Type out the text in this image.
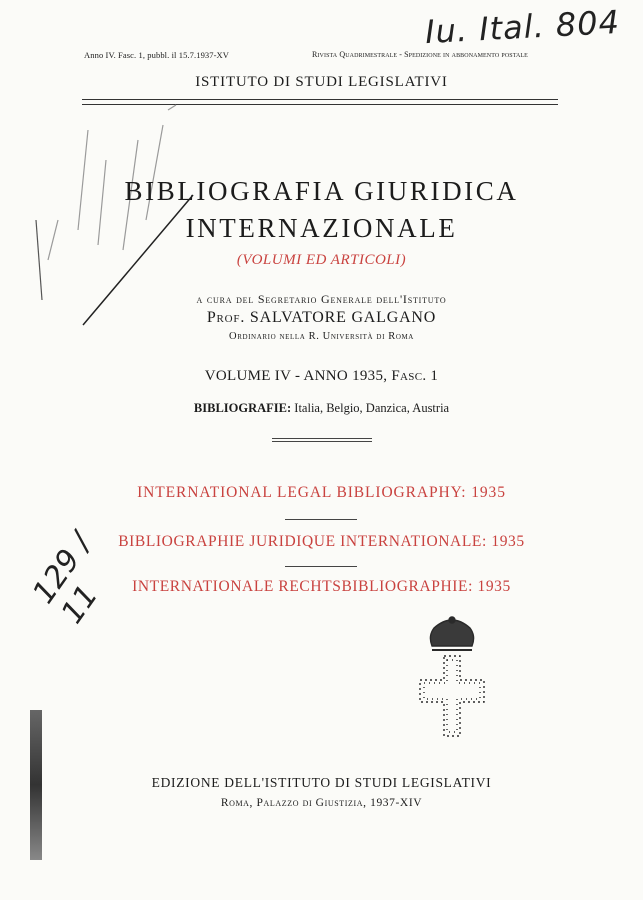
Anno IV. Fasc. 1, pubbl. il 15.7.1937-XV	Rivista Quadrimestrale - Spedizione in abbonamento postale
Iu. Ital. 804
ISTITUTO DI STUDI LEGISLATIVI
BIBLIOGRAFIA GIURIDICA
INTERNAZIONALE
(VOLUMI ED ARTICOLI)
a cura del Segretario Generale dell'Istituto
Prof. SALVATORE GALGANO
Ordinario nella R. Università di Roma
VOLUME IV - ANNO 1935, Fasc. 1
BIBLIOGRAFIE: Italia, Belgio, Danzica, Austria
INTERNATIONAL LEGAL BIBLIOGRAPHY: 1935
BIBLIOGRAPHIE JURIDIQUE INTERNATIONALE: 1935
INTERNATIONALE RECHTSBIBLIOGRAPHIE: 1935
129 / 11
EDIZIONE DELL'ISTITUTO DI STUDI LEGISLATIVI
Roma, Palazzo di Giustizia, 1937-XIV
